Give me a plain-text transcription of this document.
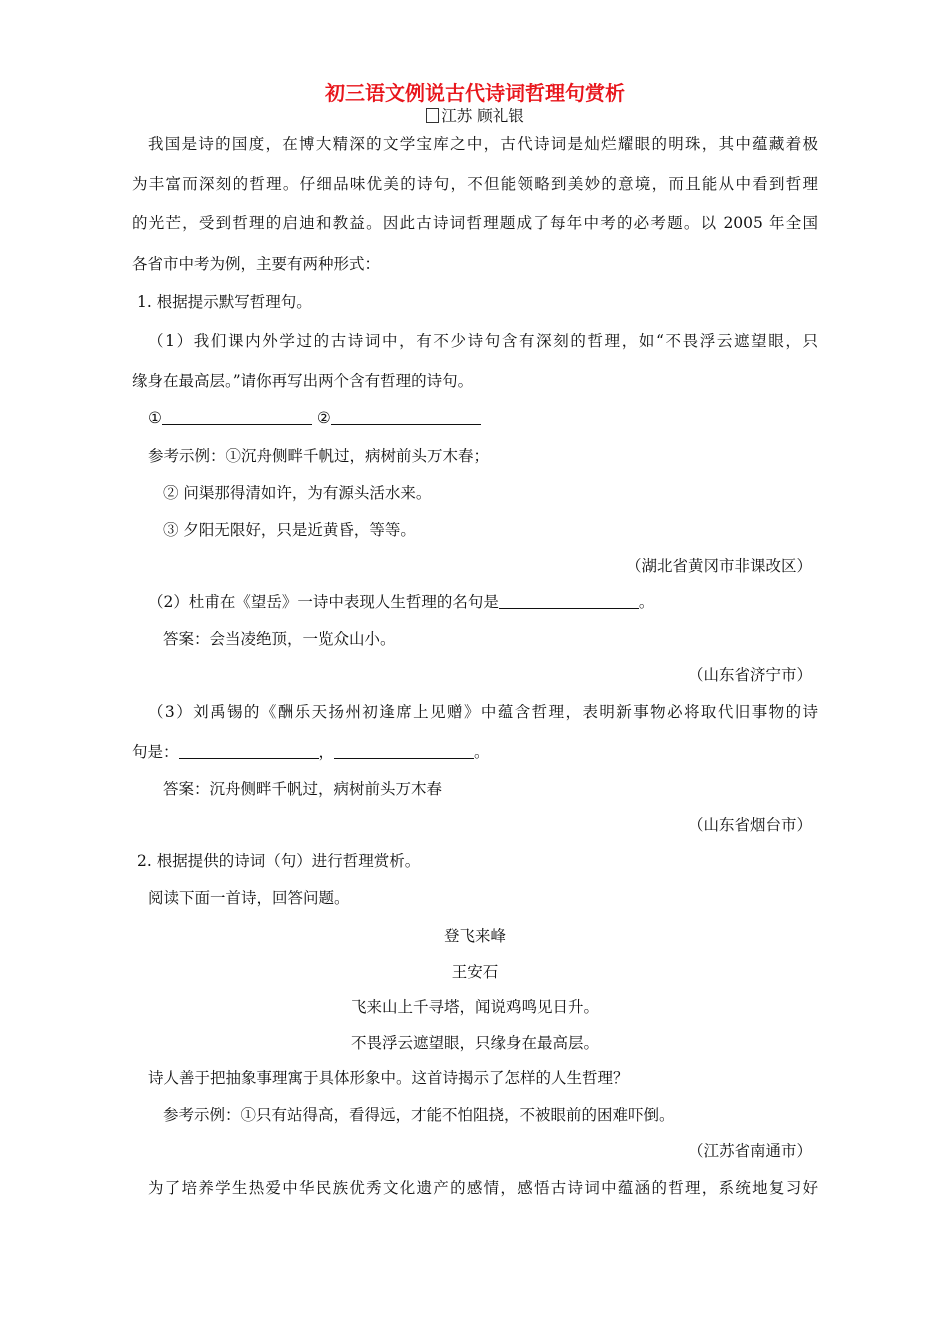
初三语文例说古代诗词哲理句赏析
江苏 顾礼银
我国是诗的国度，在博大精深的文学宝库之中，古代诗词是灿烂耀眼的明珠，其中蕴藏着极
为丰富而深刻的哲理。仔细品味优美的诗句，不但能领略到美妙的意境，而且能从中看到哲理
的光芒，受到哲理的启迪和教益。因此古诗词哲理题成了每年中考的必考题。以 2005 年全国
各省市中考为例，主要有两种形式：
1. 根据提示默写哲理句。
（1）我们课内外学过的古诗词中，有不少诗句含有深刻的哲理，如“不畏浮云遮望眼，只
缘身在最高层。”请你再写出两个含有哲理的诗句。
①	②
参考示例：①沉舟侧畔千帆过，病树前头万木春；
② 问渠那得清如许，为有源头活水来。
③ 夕阳无限好，只是近黄昏，等等。
（湖北省黄冈市非课改区）
（2）杜甫在《望岳》一诗中表现人生哲理的名句是	。
答案：会当凌绝顶，一览众山小。
（山东省济宁市）
（3）刘禹锡的《酬乐天扬州初逢席上见赠》中蕴含哲理，表明新事物必将取代旧事物的诗
句是：	，	。
答案：沉舟侧畔千帆过，病树前头万木春
（山东省烟台市）
2. 根据提供的诗词（句）进行哲理赏析。
阅读下面一首诗，回答问题。
登飞来峰
王安石
飞来山上千寻塔，闻说鸡鸣见日升。
不畏浮云遮望眼，只缘身在最高层。
诗人善于把抽象事理寓于具体形象中。这首诗揭示了怎样的人生哲理？
参考示例：①只有站得高，看得远，才能不怕阻挠，不被眼前的困难吓倒。
（江苏省南通市）
为了培养学生热爱中华民族优秀文化遗产的感情，感悟古诗词中蕴涵的哲理，系统地复习好
